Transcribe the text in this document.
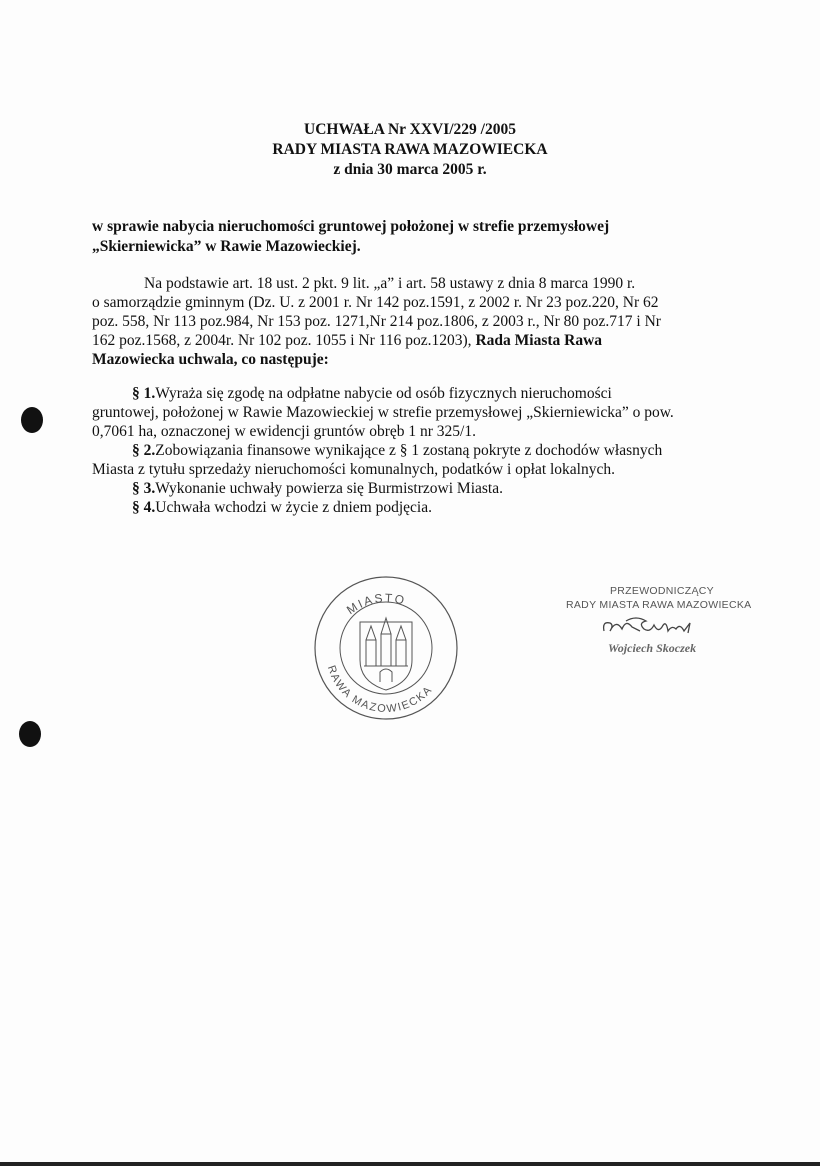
UCHWAŁA Nr XXVI/229 /2005
RADY MIASTA RAWA MAZOWIECKA
z dnia 30 marca 2005 r.
w sprawie nabycia nieruchomości gruntowej położonej w strefie przemysłowej
„Skierniewicka” w Rawie Mazowieckiej.
Na podstawie art. 18 ust. 2 pkt. 9 lit. „a” i art. 58 ustawy z dnia 8 marca 1990 r.
o samorządzie gminnym (Dz. U. z 2001 r. Nr 142 poz.1591, z 2002 r. Nr 23 poz.220, Nr 62
poz. 558, Nr 113 poz.984, Nr 153 poz. 1271,Nr 214 poz.1806, z 2003 r., Nr 80 poz.717 i Nr
162 poz.1568, z 2004r. Nr 102 poz. 1055 i Nr 116 poz.1203), Rada Miasta Rawa
Mazowiecka uchwala, co następuje:
§ 1.Wyraża się zgodę na odpłatne nabycie od osób fizycznych nieruchomości
gruntowej, położonej w Rawie Mazowieckiej w strefie przemysłowej „Skierniewicka” o pow.
0,7061 ha, oznaczonej w ewidencji gruntów obręb 1 nr 325/1.
§ 2.Zobowiązania finansowe wynikające z § 1 zostaną pokryte z dochodów własnych
Miasta z tytułu sprzedaży nieruchomości komunalnych, podatków i opłat lokalnych.
§ 3.Wykonanie uchwały powierza się Burmistrzowi Miasta.
§ 4.Uchwała wchodzi w życie z dniem podjęcia.
MIASTO
RAWA MAZOWIECKA
PRZEWODNICZĄCY
RADY MIASTA RAWA MAZOWIECKA
Wojciech Skoczek
